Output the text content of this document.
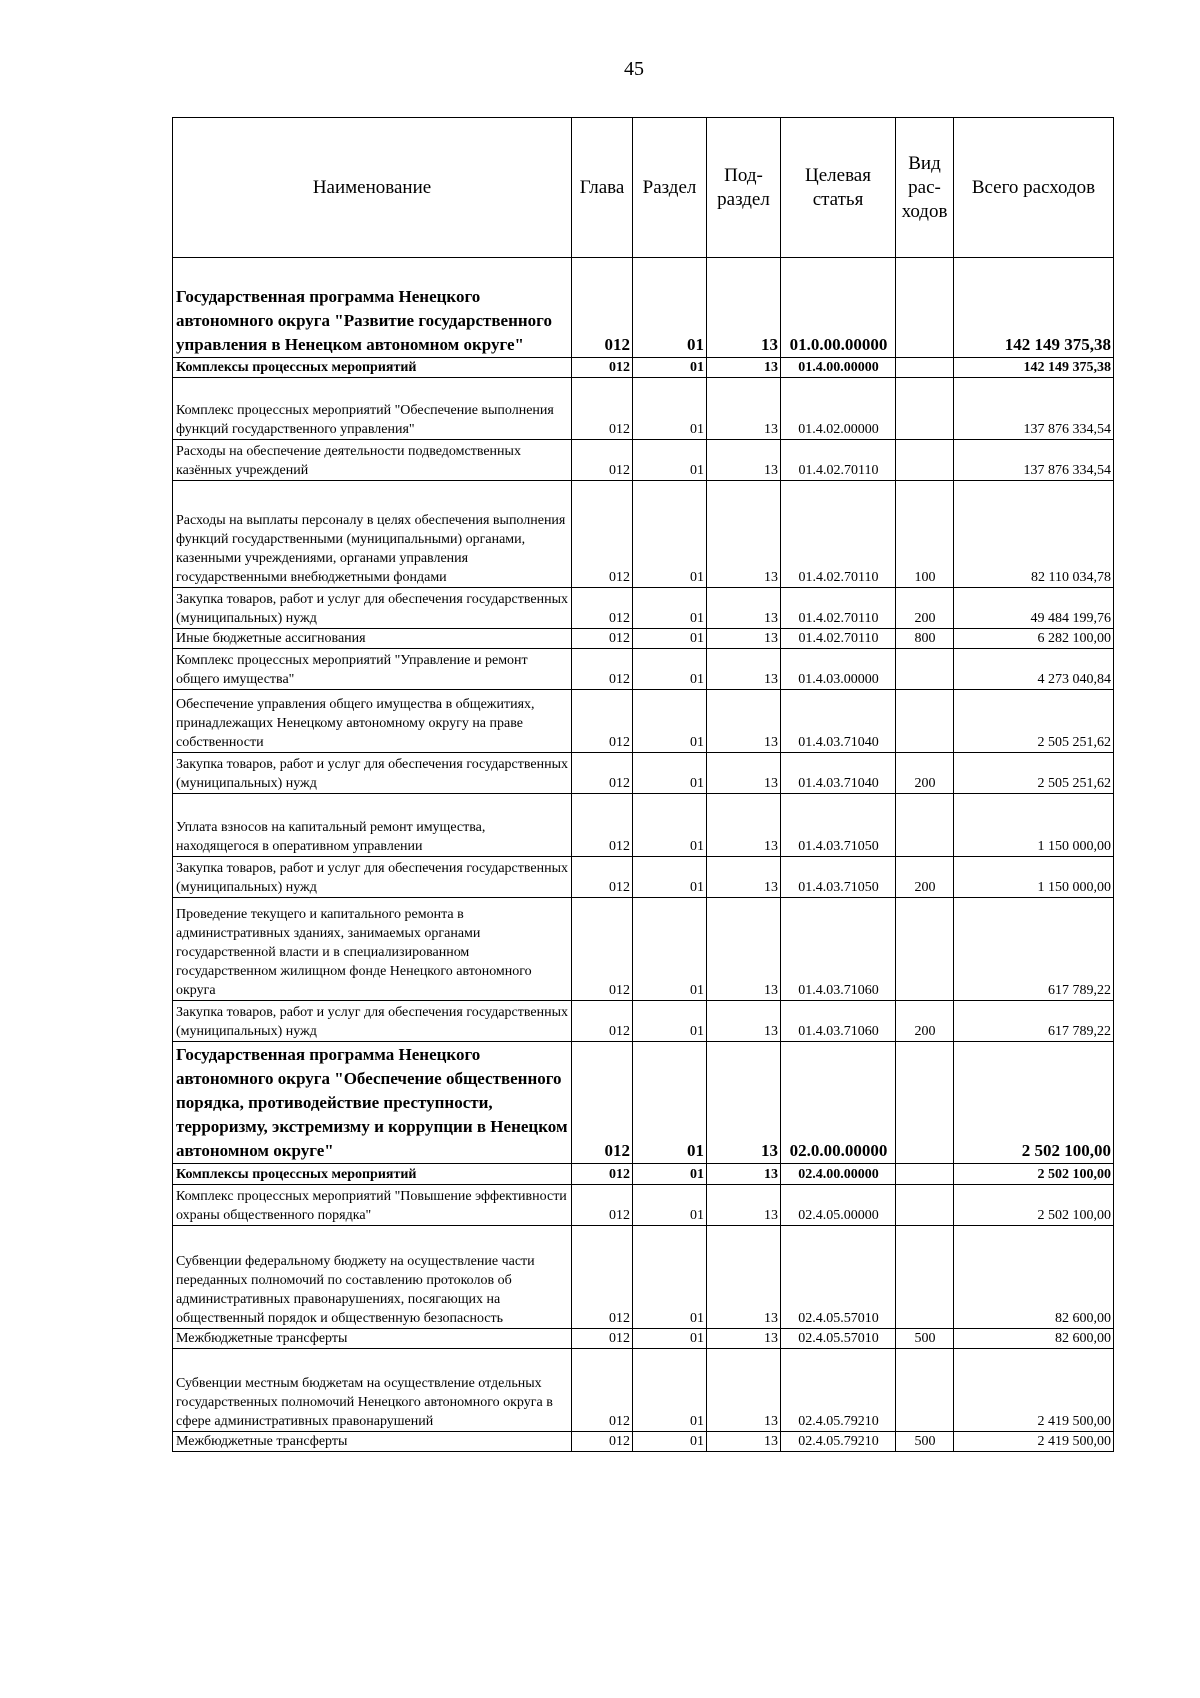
45
Наименование	Глава	Раздел	Под- раздел	Целевая статья	Вид рас- ходов	Всего расходов
Государственная программа Ненецкого автономного округа "Развитие государственного управления в Ненецком автономном округе"	012	01	13	01.0.00.00000		142 149 375,38
Комплексы процессных мероприятий	012	01	13	01.4.00.00000		142 149 375,38
Комплекс процессных мероприятий "Обеспечение выполнения функций государственного управления"	012	01	13	01.4.02.00000		137 876 334,54
Расходы на обеспечение деятельности подведомственных казённых учреждений	012	01	13	01.4.02.70110		137 876 334,54
Расходы на выплаты персоналу в целях обеспечения выполнения функций государственными (муниципальными) органами, казенными учреждениями, органами управления государственными внебюджетными фондами	012	01	13	01.4.02.70110	100	82 110 034,78
Закупка товаров, работ и услуг для обеспечения государственных (муниципальных) нужд	012	01	13	01.4.02.70110	200	49 484 199,76
Иные бюджетные ассигнования	012	01	13	01.4.02.70110	800	6 282 100,00
Комплекс процессных мероприятий "Управление и ремонт общего имущества"	012	01	13	01.4.03.00000		4 273 040,84
Обеспечение управления общего имущества в общежитиях, принадлежащих Ненецкому автономному округу на праве собственности	012	01	13	01.4.03.71040		2 505 251,62
Закупка товаров, работ и услуг для обеспечения государственных (муниципальных) нужд	012	01	13	01.4.03.71040	200	2 505 251,62
Уплата взносов на капитальный ремонт имущества, находящегося в оперативном управлении	012	01	13	01.4.03.71050		1 150 000,00
Закупка товаров, работ и услуг для обеспечения государственных (муниципальных) нужд	012	01	13	01.4.03.71050	200	1 150 000,00
Проведение текущего и капитального ремонта в административных зданиях, занимаемых органами государственной власти и в специализированном государственном жилищном фонде Ненецкого автономного округа	012	01	13	01.4.03.71060		617 789,22
Закупка товаров, работ и услуг для обеспечения государственных (муниципальных) нужд	012	01	13	01.4.03.71060	200	617 789,22
Государственная программа Ненецкого автономного округа "Обеспечение общественного порядка, противодействие преступности, терроризму, экстремизму и коррупции в Ненецком автономном округе"	012	01	13	02.0.00.00000		2 502 100,00
Комплексы процессных мероприятий	012	01	13	02.4.00.00000		2 502 100,00
Комплекс процессных мероприятий "Повышение эффективности охраны общественного порядка"	012	01	13	02.4.05.00000		2 502 100,00
Субвенции федеральному бюджету на осуществление части переданных полномочий по составлению протоколов об административных правонарушениях, посягающих на общественный порядок и общественную безопасность	012	01	13	02.4.05.57010		82 600,00
Межбюджетные трансферты	012	01	13	02.4.05.57010	500	82 600,00
Субвенции местным бюджетам на осуществление отдельных государственных полномочий Ненецкого автономного округа в сфере административных правонарушений	012	01	13	02.4.05.79210		2 419 500,00
Межбюджетные трансферты	012	01	13	02.4.05.79210	500	2 419 500,00
